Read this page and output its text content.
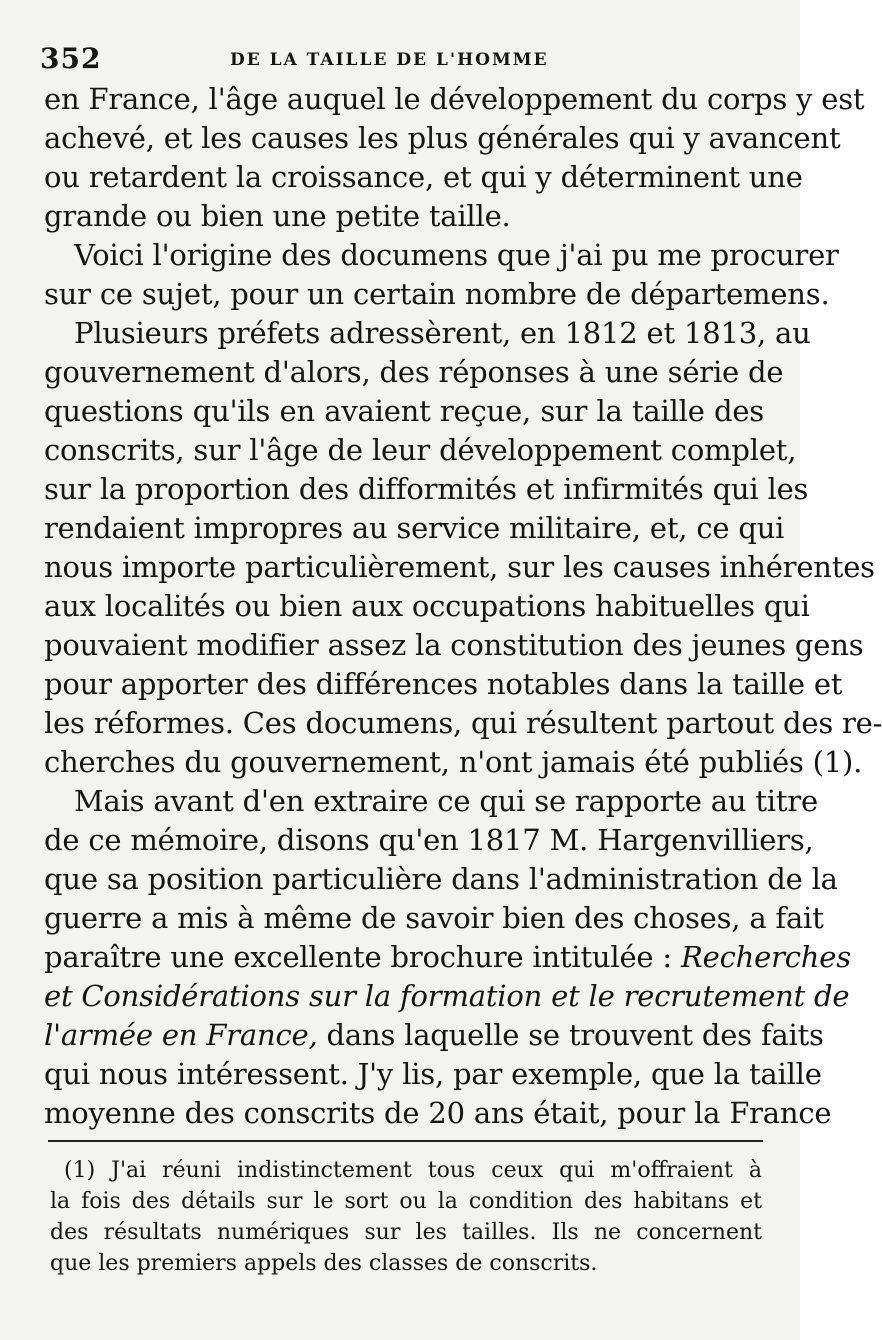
352	DE LA TAILLE DE L'HOMME
en France, l'âge auquel le développement du corps y est
achevé, et les causes les plus générales qui y avancent
ou retardent la croissance, et qui y déterminent une
grande ou bien une petite taille.
Voici l'origine des documens que j'ai pu me procurer
sur ce sujet, pour un certain nombre de départemens.
Plusieurs préfets adressèrent, en 1812 et 1813, au
gouvernement d'alors, des réponses à une série de
questions qu'ils en avaient reçue, sur la taille des
conscrits, sur l'âge de leur développement complet,
sur la proportion des difformités et infirmités qui les
rendaient impropres au service militaire, et, ce qui
nous importe particulièrement, sur les causes inhérentes
aux localités ou bien aux occupations habituelles qui
pouvaient modifier assez la constitution des jeunes gens
pour apporter des différences notables dans la taille et
les réformes. Ces documens, qui résultent partout des re-
cherches du gouvernement, n'ont jamais été publiés (1).
Mais avant d'en extraire ce qui se rapporte au titre
de ce mémoire, disons qu'en 1817 M. Hargenvilliers,
que sa position particulière dans l'administration de la
guerre a mis à même de savoir bien des choses, a fait
paraître une excellente brochure intitulée : Recherches
et Considérations sur la formation et le recrutement de
l'armée en France, dans laquelle se trouvent des faits
qui nous intéressent. J'y lis, par exemple, que la taille
moyenne des conscrits de 20 ans était, pour la France
(1) J'ai réuni indistinctement tous ceux qui m'offraient à
la fois des détails sur le sort ou la condition des habitans et
des résultats numériques sur les tailles. Ils ne concernent
que les premiers appels des classes de conscrits.
